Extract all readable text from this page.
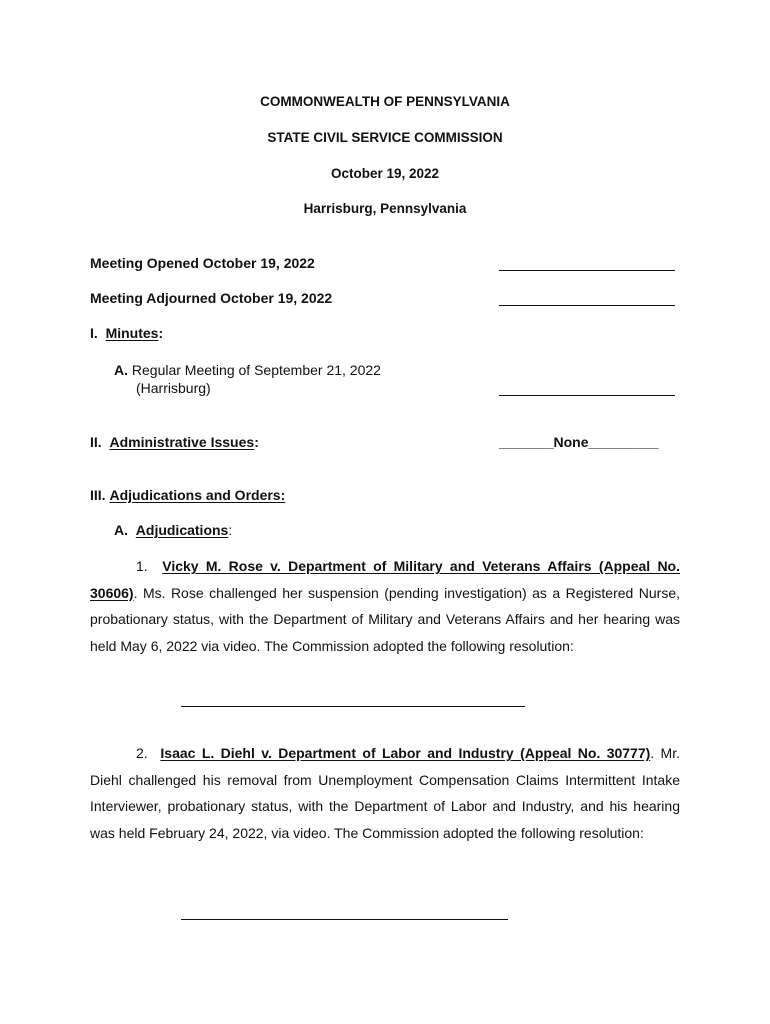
COMMONWEALTH OF PENNSYLVANIA
STATE CIVIL SERVICE COMMISSION
October 19, 2022
Harrisburg, Pennsylvania
Meeting Opened October 19, 2022
Meeting Adjourned October 19, 2022
I. Minutes:
A. Regular Meeting of September 21, 2022
(Harrisburg)
II. Administrative Issues:	_______None_________
III. Adjudications and Orders:
A. Adjudications:
1. Vicky M. Rose v. Department of Military and Veterans Affairs (Appeal No. 30606). Ms. Rose challenged her suspension (pending investigation) as a Registered Nurse, probationary status, with the Department of Military and Veterans Affairs and her hearing was held May 6, 2022 via video. The Commission adopted the following resolution:
2. Isaac L. Diehl v. Department of Labor and Industry (Appeal No. 30777). Mr. Diehl challenged his removal from Unemployment Compensation Claims Intermittent Intake Interviewer, probationary status, with the Department of Labor and Industry, and his hearing was held February 24, 2022, via video. The Commission adopted the following resolution:
